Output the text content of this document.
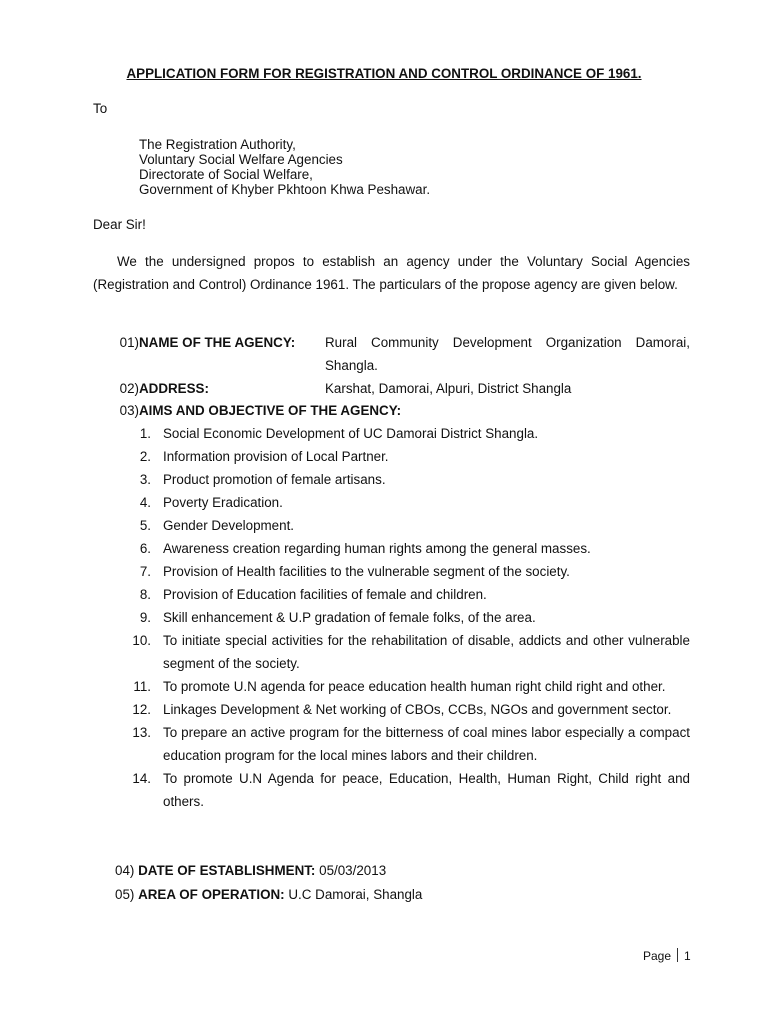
APPLICATION FORM FOR REGISTRATION AND CONTROL ORDINANCE OF 1961.
To
The Registration Authority,
Voluntary Social Welfare Agencies
Directorate of Social Welfare,
Government of Khyber Pkhtoon Khwa Peshawar.
Dear Sir!
We the undersigned propos to establish an agency under the Voluntary Social Agencies (Registration and Control) Ordinance 1961. The particulars of the propose agency are given below.
01) NAME OF THE AGENCY: Rural Community Development Organization Damorai, Shangla.
02) ADDRESS:	Karshat, Damorai, Alpuri, District Shangla
03) AIMS AND OBJECTIVE OF THE AGENCY:
1. Social Economic Development of UC Damorai District Shangla.
2. Information provision of Local Partner.
3. Product promotion of female artisans.
4. Poverty Eradication.
5. Gender Development.
6. Awareness creation regarding human rights among the general masses.
7. Provision of Health facilities to the vulnerable segment of the society.
8. Provision of Education facilities of female and children.
9. Skill enhancement & U.P gradation of female folks, of the area.
10. To initiate special activities for the rehabilitation of disable, addicts and other vulnerable segment of the society.
11. To promote U.N agenda for peace education health human right child right and other.
12. Linkages Development & Net working of CBOs, CCBs, NGOs and government sector.
13. To prepare an active program for the bitterness of coal mines labor especially a compact education program for the local mines labors and their children.
14. To promote U.N Agenda for peace, Education, Health, Human Right, Child right and others.
04) DATE OF ESTABLISHMENT: 05/03/2013
05) AREA OF OPERATION: U.C Damorai, Shangla
Page 1
